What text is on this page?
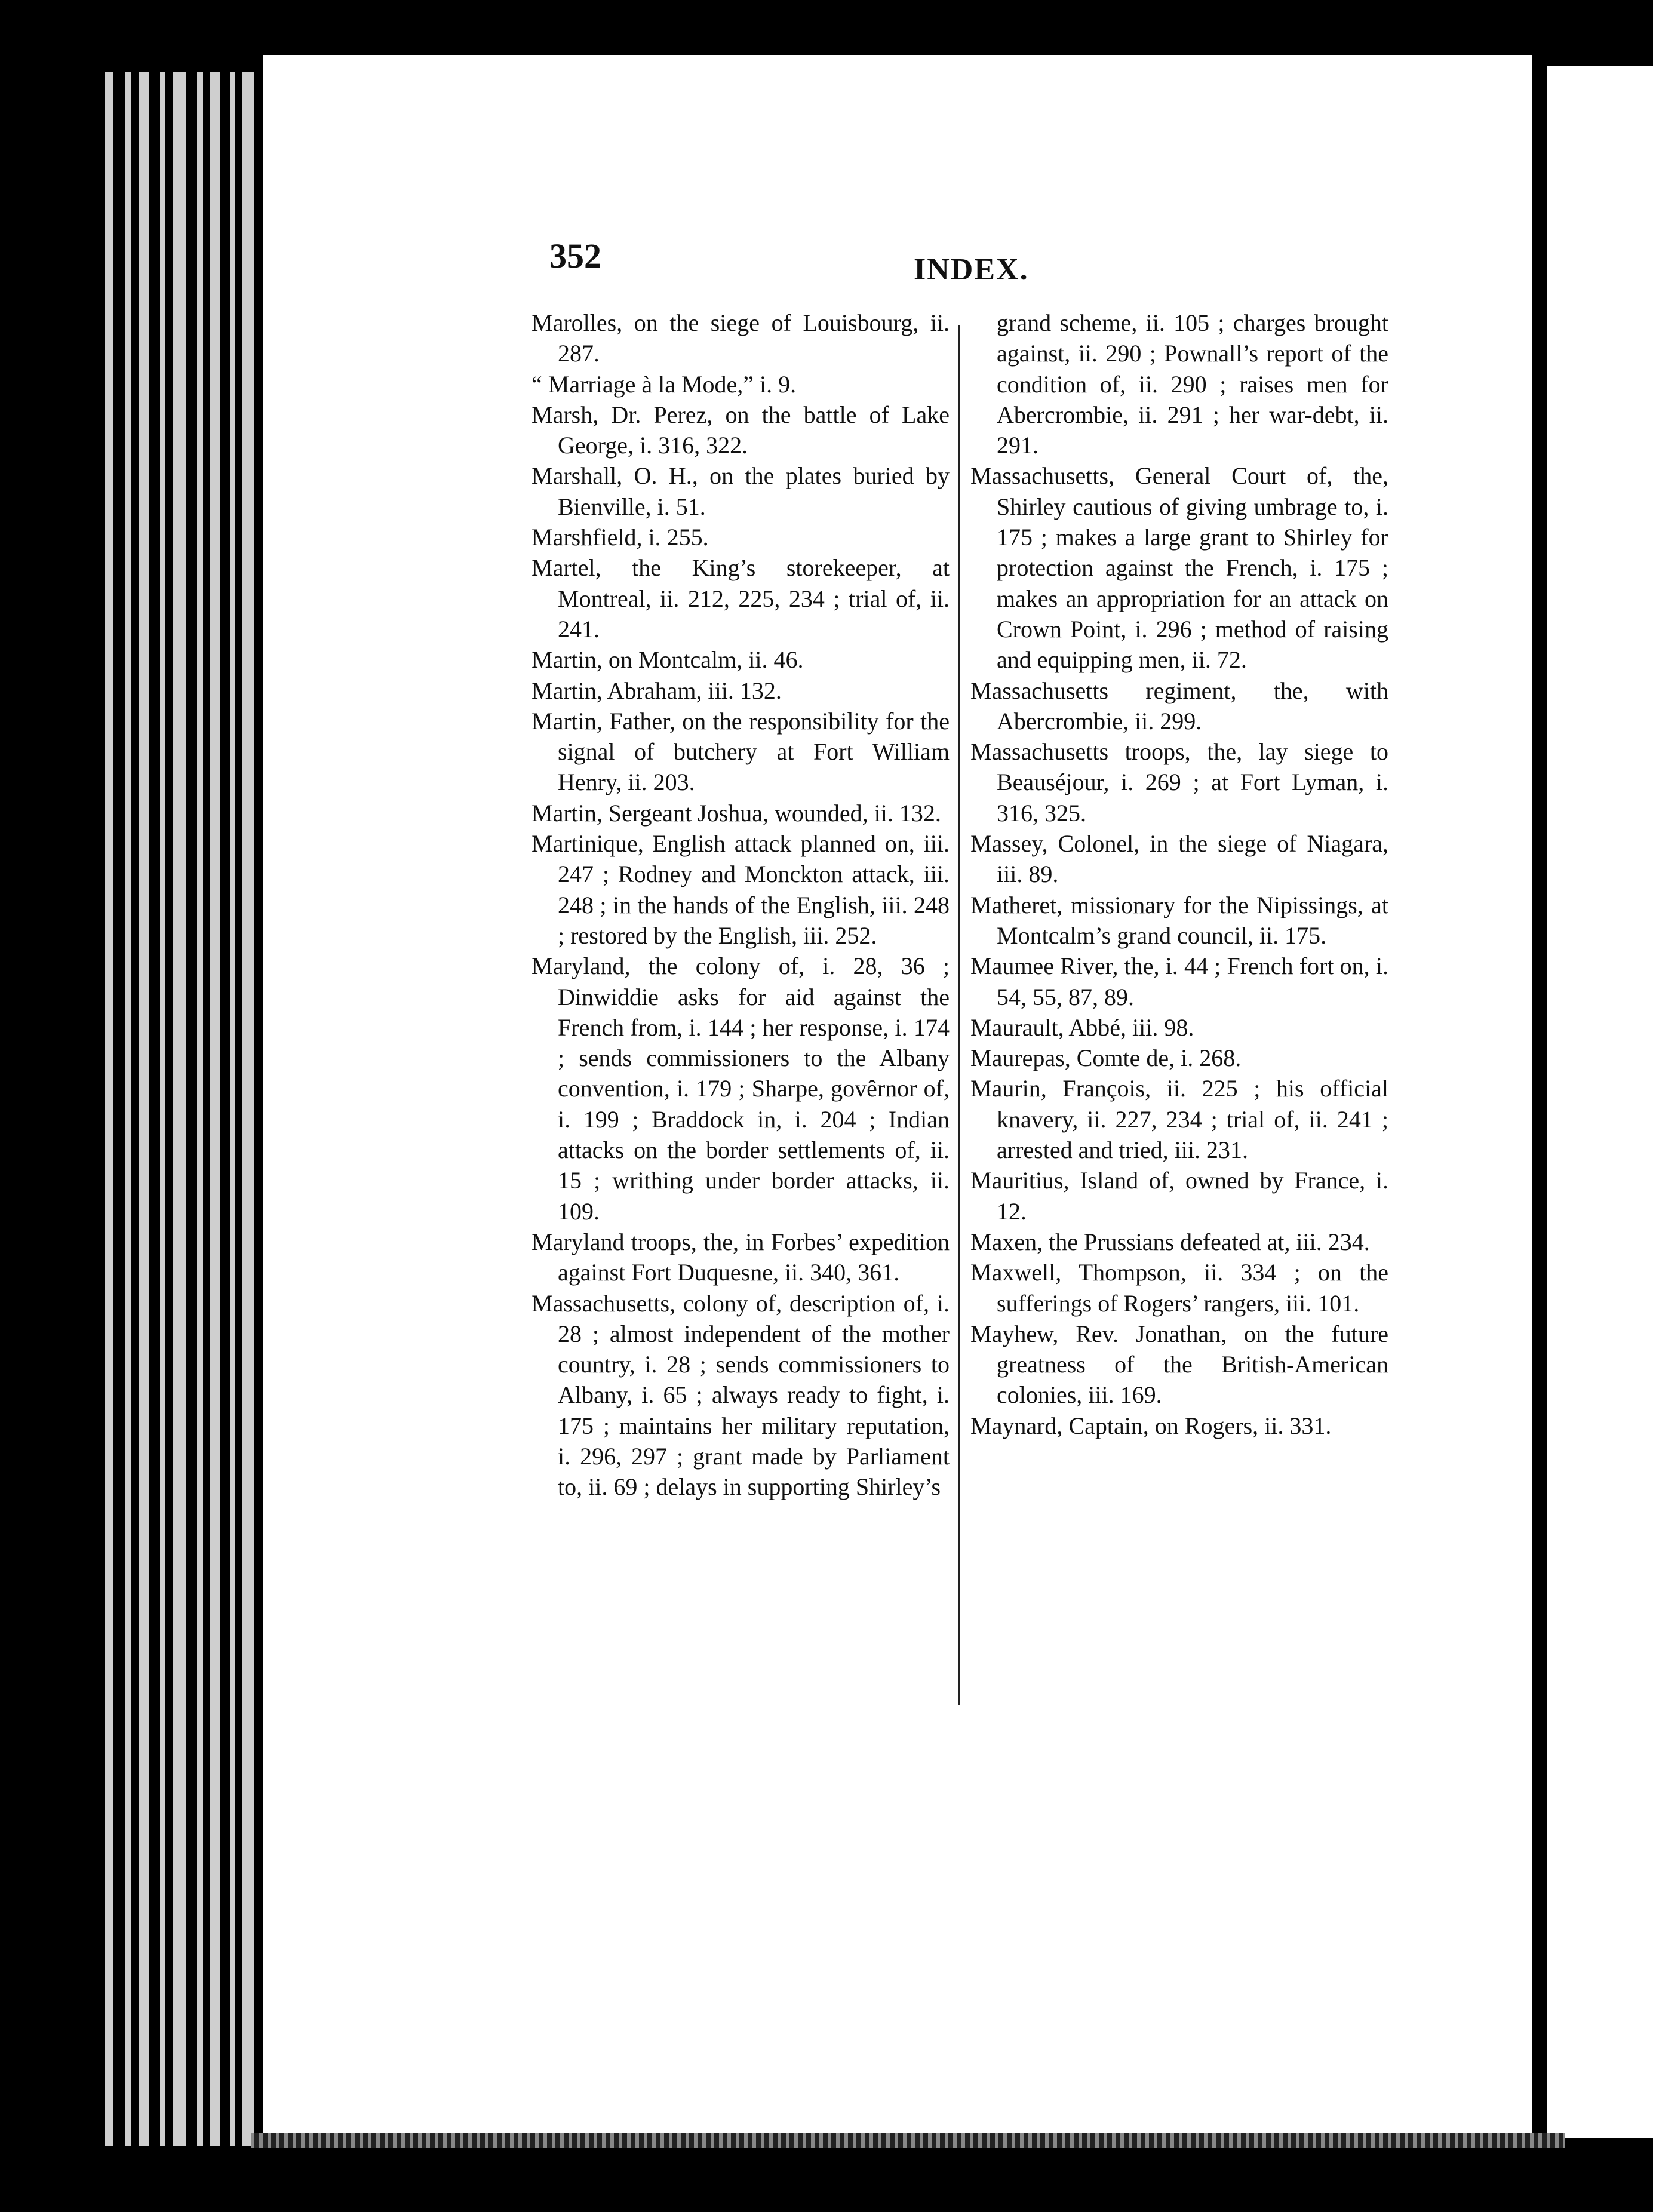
352	INDEX.

Marolles, on the siege of Louisbourg, ii. 287.

“ Marriage à la Mode,” i. 9.

Marsh, Dr. Perez, on the battle of Lake George, i. 316, 322.

Marshall, O. H., on the plates buried by Bienville, i. 51.

Marshfield, i. 255.

Martel, the King’s storekeeper, at Montreal, ii. 212, 225, 234 ; trial of, ii. 241.

Martin, on Montcalm, ii. 46.

Martin, Abraham, iii. 132.

Martin, Father, on the responsibility for the signal of butchery at Fort William Henry, ii. 203.

Martin, Sergeant Joshua, wounded, ii. 132.

Martinique, English attack planned on, iii. 247 ; Rodney and Monckton attack, iii. 248 ; in the hands of the English, iii. 248 ; restored by the English, iii. 252.

Maryland, the colony of, i. 28, 36 ; Dinwiddie asks for aid against the French from, i. 144 ; her response, i. 174 ; sends commissioners to the Albany convention, i. 179 ; Sharpe, govêrnor of, i. 199 ; Braddock in, i. 204 ; Indian attacks on the border settlements of, ii. 15 ; writhing under border attacks, ii. 109.

Maryland troops, the, in Forbes’ expedition against Fort Duquesne, ii. 340, 361.

Massachusetts, colony of, description of, i. 28 ; almost independent of the mother country, i. 28 ; sends commissioners to Albany, i. 65 ; always ready to fight, i. 175 ; maintains her military reputation, i. 296, 297 ; grant made by Parliament to, ii. 69 ; delays in supporting Shirley’s

grand scheme, ii. 105 ; charges brought against, ii. 290 ; Pownall’s report of the condition of, ii. 290 ; raises men for Abercrombie, ii. 291 ; her war-debt, ii. 291.

Massachusetts, General Court of, the, Shirley cautious of giving umbrage to, i. 175 ; makes a large grant to Shirley for protection against the French, i. 175 ; makes an appropriation for an attack on Crown Point, i. 296 ; method of raising and equipping men, ii. 72.

Massachusetts regiment, the, with Abercrombie, ii. 299.

Massachusetts troops, the, lay siege to Beauséjour, i. 269 ; at Fort Lyman, i. 316, 325.

Massey, Colonel, in the siege of Niagara, iii. 89.

Matheret, missionary for the Nipissings, at Montcalm’s grand council, ii. 175.

Maumee River, the, i. 44 ; French fort on, i. 54, 55, 87, 89.

Maurault, Abbé, iii. 98.

Maurepas, Comte de, i. 268.

Maurin, François, ii. 225 ; his official knavery, ii. 227, 234 ; trial of, ii. 241 ; arrested and tried, iii. 231.

Mauritius, Island of, owned by France, i. 12.

Maxen, the Prussians defeated at, iii. 234.

Maxwell, Thompson, ii. 334 ; on the sufferings of Rogers’ rangers, iii. 101.

Mayhew, Rev. Jonathan, on the future greatness of the British-American colonies, iii. 169.

Maynard, Captain, on Rogers, ii. 331.
